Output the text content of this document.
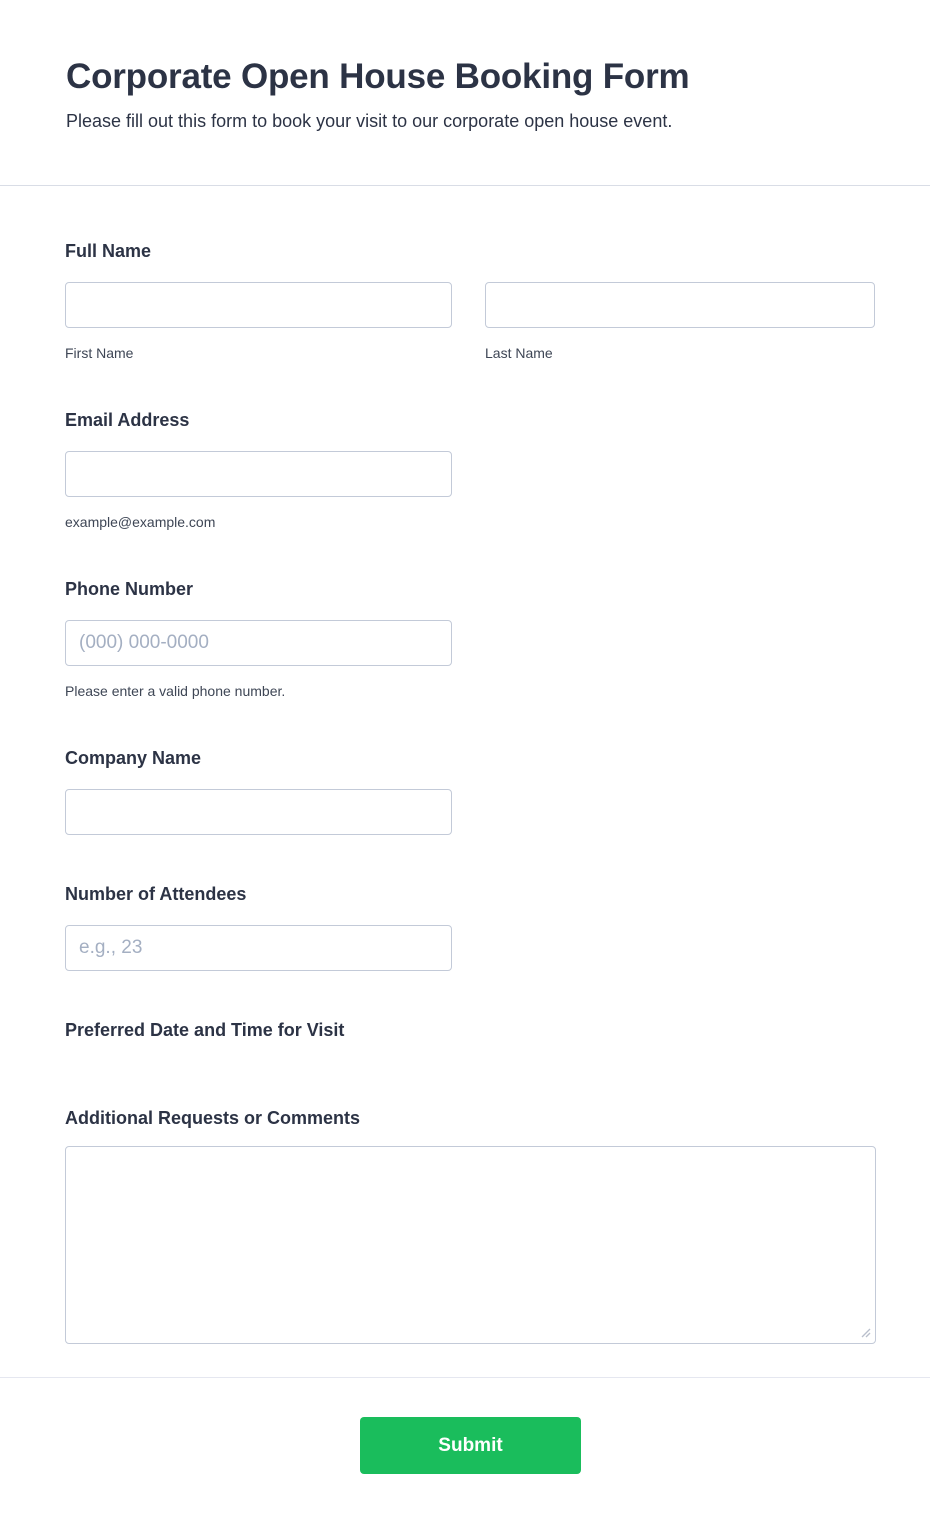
Corporate Open House Booking Form

Please fill out this form to book your visit to our corporate open house event.

Full Name
First Name	Last Name
Email Address
example@example.com
Phone Number
(000) 000-0000
Please enter a valid phone number.
Company Name
Number of Attendees
e.g., 23
Preferred Date and Time for Visit
Additional Requests or Comments
Submit
